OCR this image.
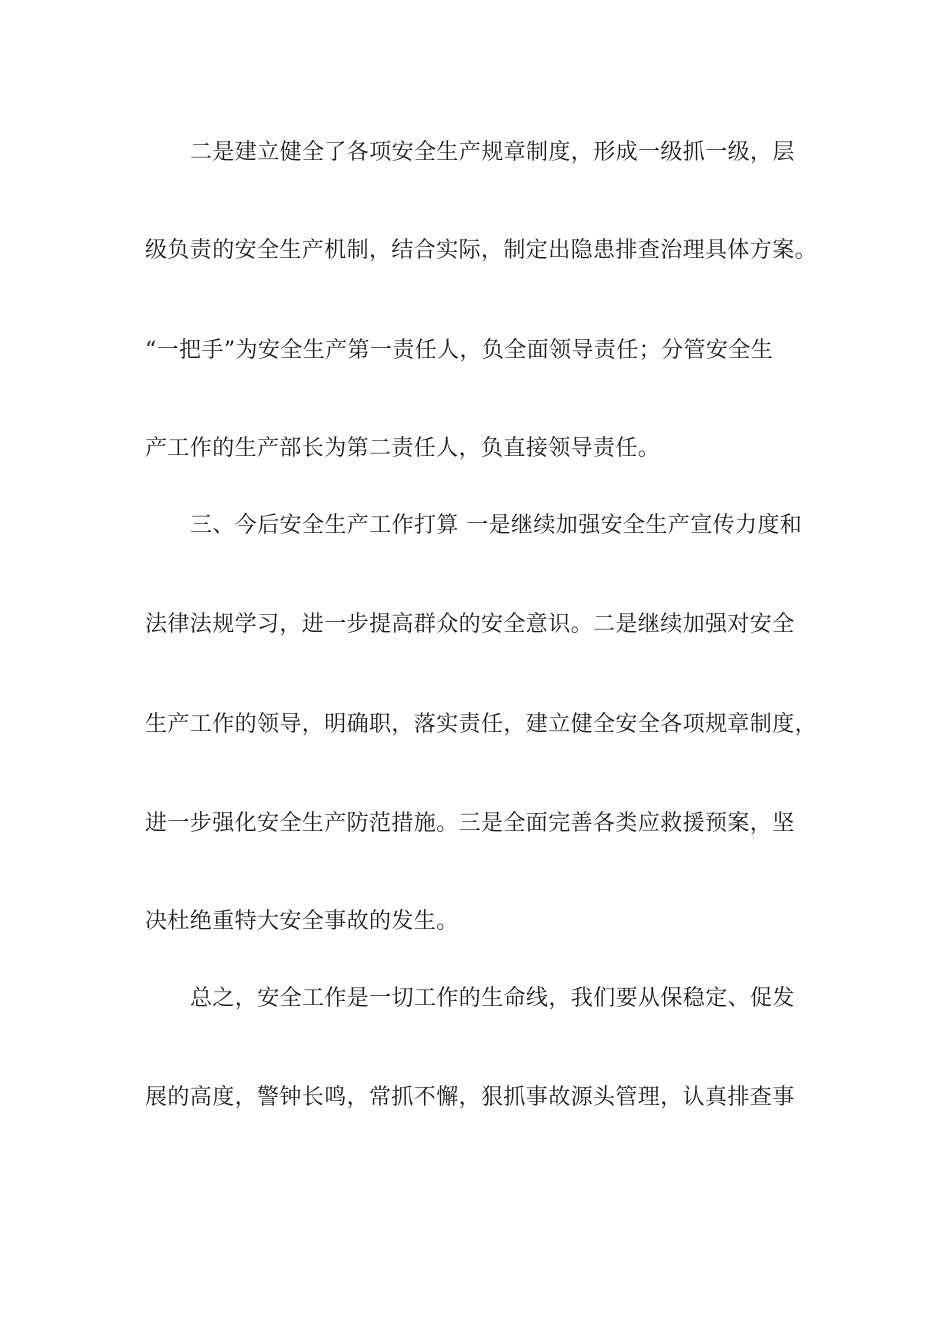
二是建立健全了各项安全生产规章制度，形成一级抓一级，层
级负责的安全生产机制，结合实际，制定出隐患排查治理具体方案。
“一把手”为安全生产第一责任人，负全面领导责任；分管安全生
产工作的生产部长为第二责任人，负直接领导责任。
三、今后安全生产工作打算 一是继续加强安全生产宣传力度和
法律法规学习，进一步提高群众的安全意识。二是继续加强对安全
生产工作的领导，明确职，落实责任，建立健全安全各项规章制度，
进一步强化安全生产防范措施。三是全面完善各类应救援预案，坚
决杜绝重特大安全事故的发生。
总之，安全工作是一切工作的生命线，我们要从保稳定、促发
展的高度，警钟长鸣，常抓不懈，狠抓事故源头管理，认真排查事
